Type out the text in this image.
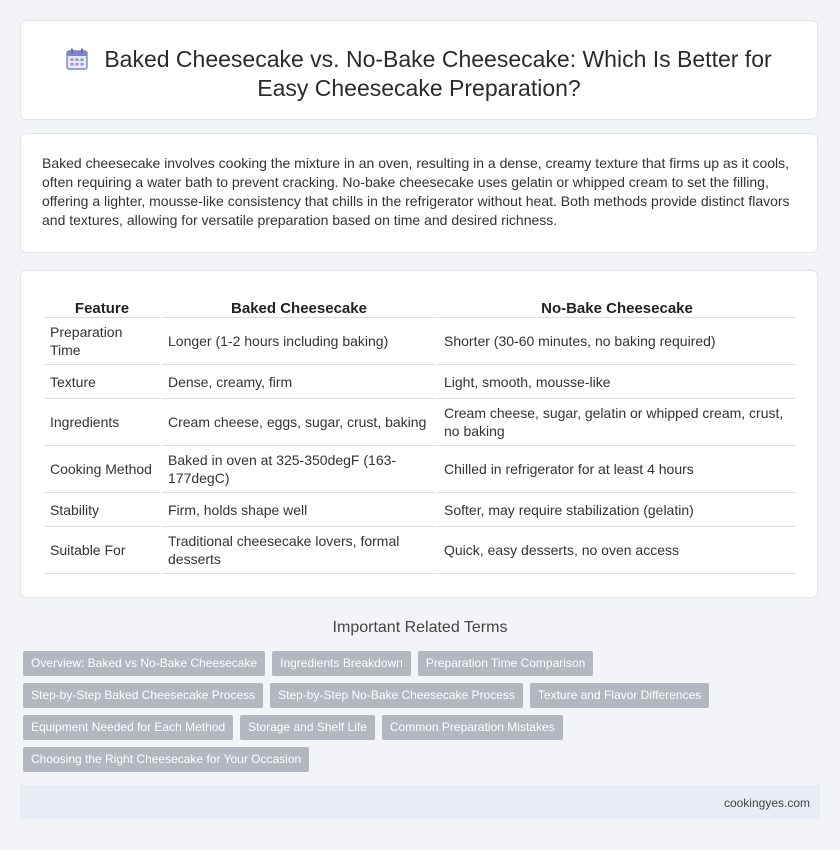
Baked Cheesecake vs. No-Bake Cheesecake: Which Is Better for
Easy Cheesecake Preparation?
Baked cheesecake involves cooking the mixture in an oven, resulting in a dense, creamy texture that firms up as it cools, often requiring a water bath to prevent cracking. No-bake cheesecake uses gelatin or whipped cream to set the filling, offering a lighter, mousse-like consistency that chills in the refrigerator without heat. Both methods provide distinct flavors and textures, allowing for versatile preparation based on time and desired richness.
Feature	Baked Cheesecake	No-Bake Cheesecake
Preparation Time	Longer (1-2 hours including baking)	Shorter (30-60 minutes, no baking required)
Texture	Dense, creamy, firm	Light, smooth, mousse-like
Ingredients	Cream cheese, eggs, sugar, crust, baking	Cream cheese, sugar, gelatin or whipped cream, crust, no baking
Cooking Method	Baked in oven at 325-350degF (163-177degC)	Chilled in refrigerator for at least 4 hours
Stability	Firm, holds shape well	Softer, may require stabilization (gelatin)
Suitable For	Traditional cheesecake lovers, formal desserts	Quick, easy desserts, no oven access
Important Related Terms
Overview: Baked vs No-Bake Cheesecake	Ingredients Breakdown	Preparation Time Comparison
Step-by-Step Baked Cheesecake Process	Step-by-Step No-Bake Cheesecake Process	Texture and Flavor Differences
Equipment Needed for Each Method	Storage and Shelf Life	Common Preparation Mistakes
Choosing the Right Cheesecake for Your Occasion
cookingyes.com
